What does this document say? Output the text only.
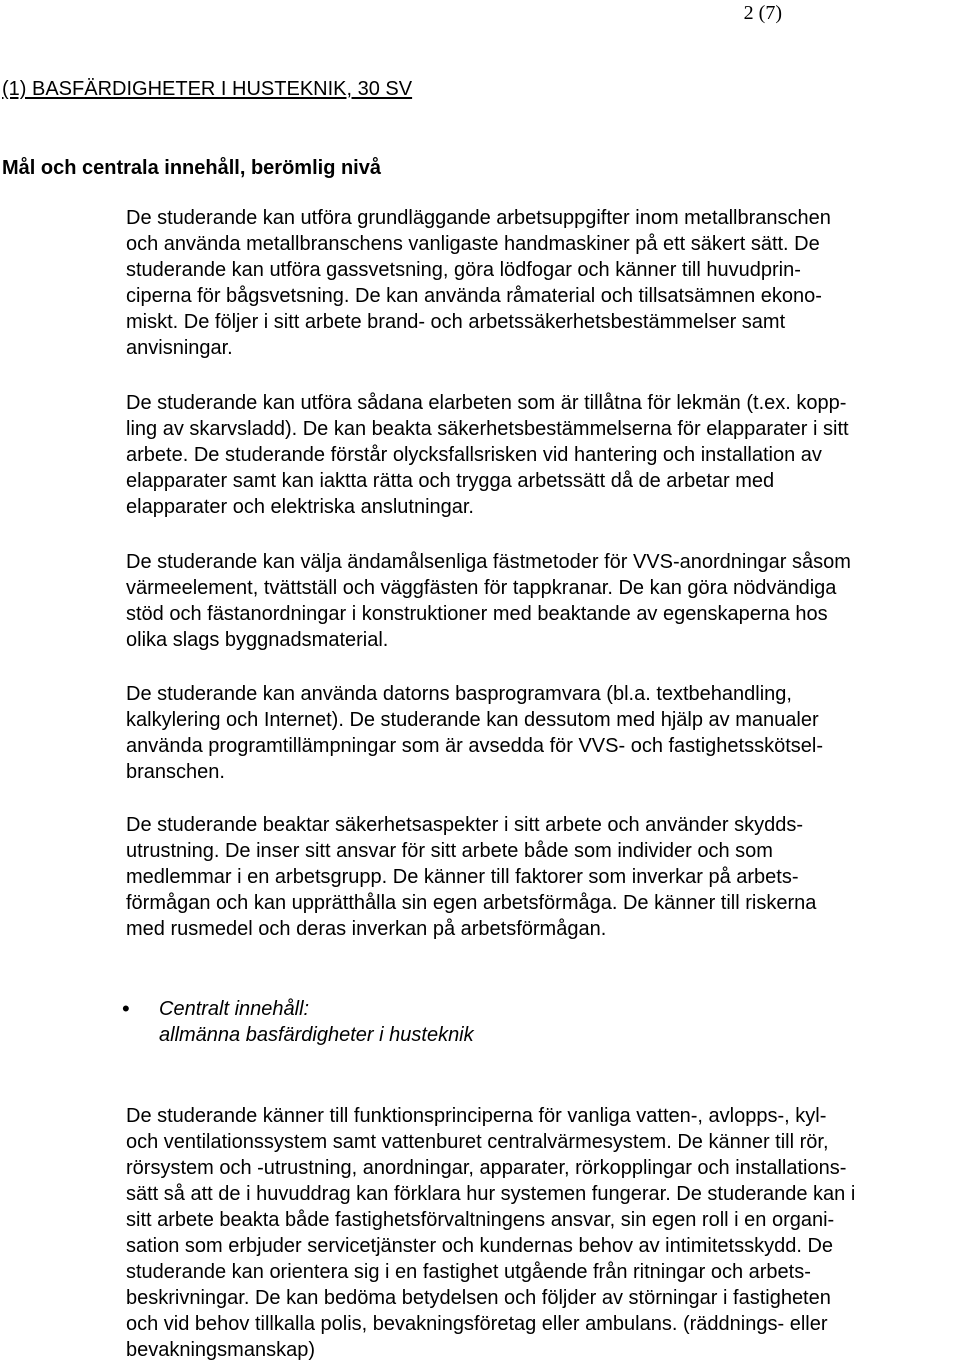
2 (7)
(1) BASFÄRDIGHETER I HUSTEKNIK, 30 SV
Mål och centrala innehåll, berömlig nivå
De studerande kan utföra grundläggande arbetsuppgifter inom metallbranschen
och använda metallbranschens vanligaste handmaskiner på ett säkert sätt. De
studerande kan utföra gassvetsning, göra lödfogar och känner till huvudprin-
ciperna för bågsvetsning. De kan använda råmaterial och tillsatsämnen ekono-
miskt. De följer i sitt arbete brand- och arbetssäkerhetsbestämmelser samt
anvisningar.
De studerande kan utföra sådana elarbeten som är tillåtna för lekmän (t.ex. kopp-
ling av skarvsladd). De kan beakta säkerhetsbestämmelserna för elapparater i sitt
arbete. De studerande förstår olycksfallsrisken vid hantering och installation av
elapparater samt kan iaktta rätta och trygga arbetssätt då de arbetar med
elapparater och elektriska anslutningar.
De studerande kan välja ändamålsenliga fästmetoder för VVS-anordningar såsom
värmeelement, tvättställ och väggfästen för tappkranar. De kan göra nödvändiga
stöd och fästanordningar i konstruktioner med beaktande av egenskaperna hos
olika slags byggnadsmaterial.
De studerande kan använda datorns basprogramvara (bl.a. textbehandling,
kalkylering och Internet). De studerande kan dessutom med hjälp av manualer
använda programtillämpningar som är avsedda för VVS- och fastighetsskötsel-
branschen.
De studerande beaktar säkerhetsaspekter i sitt arbete och använder skydds-
utrustning. De inser sitt ansvar för sitt arbete både som individer och som
medlemmar i en arbetsgrupp. De känner till faktorer som inverkar på arbets-
förmågan och kan upprätthålla sin egen arbetsförmåga. De känner till riskerna
med rusmedel och deras inverkan på arbetsförmågan.
• Centralt innehåll:
allmänna basfärdigheter i husteknik
De studerande känner till funktionsprinciperna för vanliga vatten-, avlopps-, kyl-
och ventilationssystem samt vattenburet centralvärmesystem. De känner till rör,
rörsystem och -utrustning, anordningar, apparater, rörkopplingar och installations-
sätt så att de i huvuddrag kan förklara hur systemen fungerar. De studerande kan i
sitt arbete beakta både fastighetsförvaltningens ansvar, sin egen roll i en organi-
sation som erbjuder servicetjänster och kundernas behov av intimitetsskydd. De
studerande kan orientera sig i en fastighet utgående från ritningar och arbets-
beskrivningar. De kan bedöma betydelsen och följder av störningar i fastigheten
och vid behov tillkalla polis, bevakningsföretag eller ambulans. (räddnings- eller
bevakningsmanskap)
